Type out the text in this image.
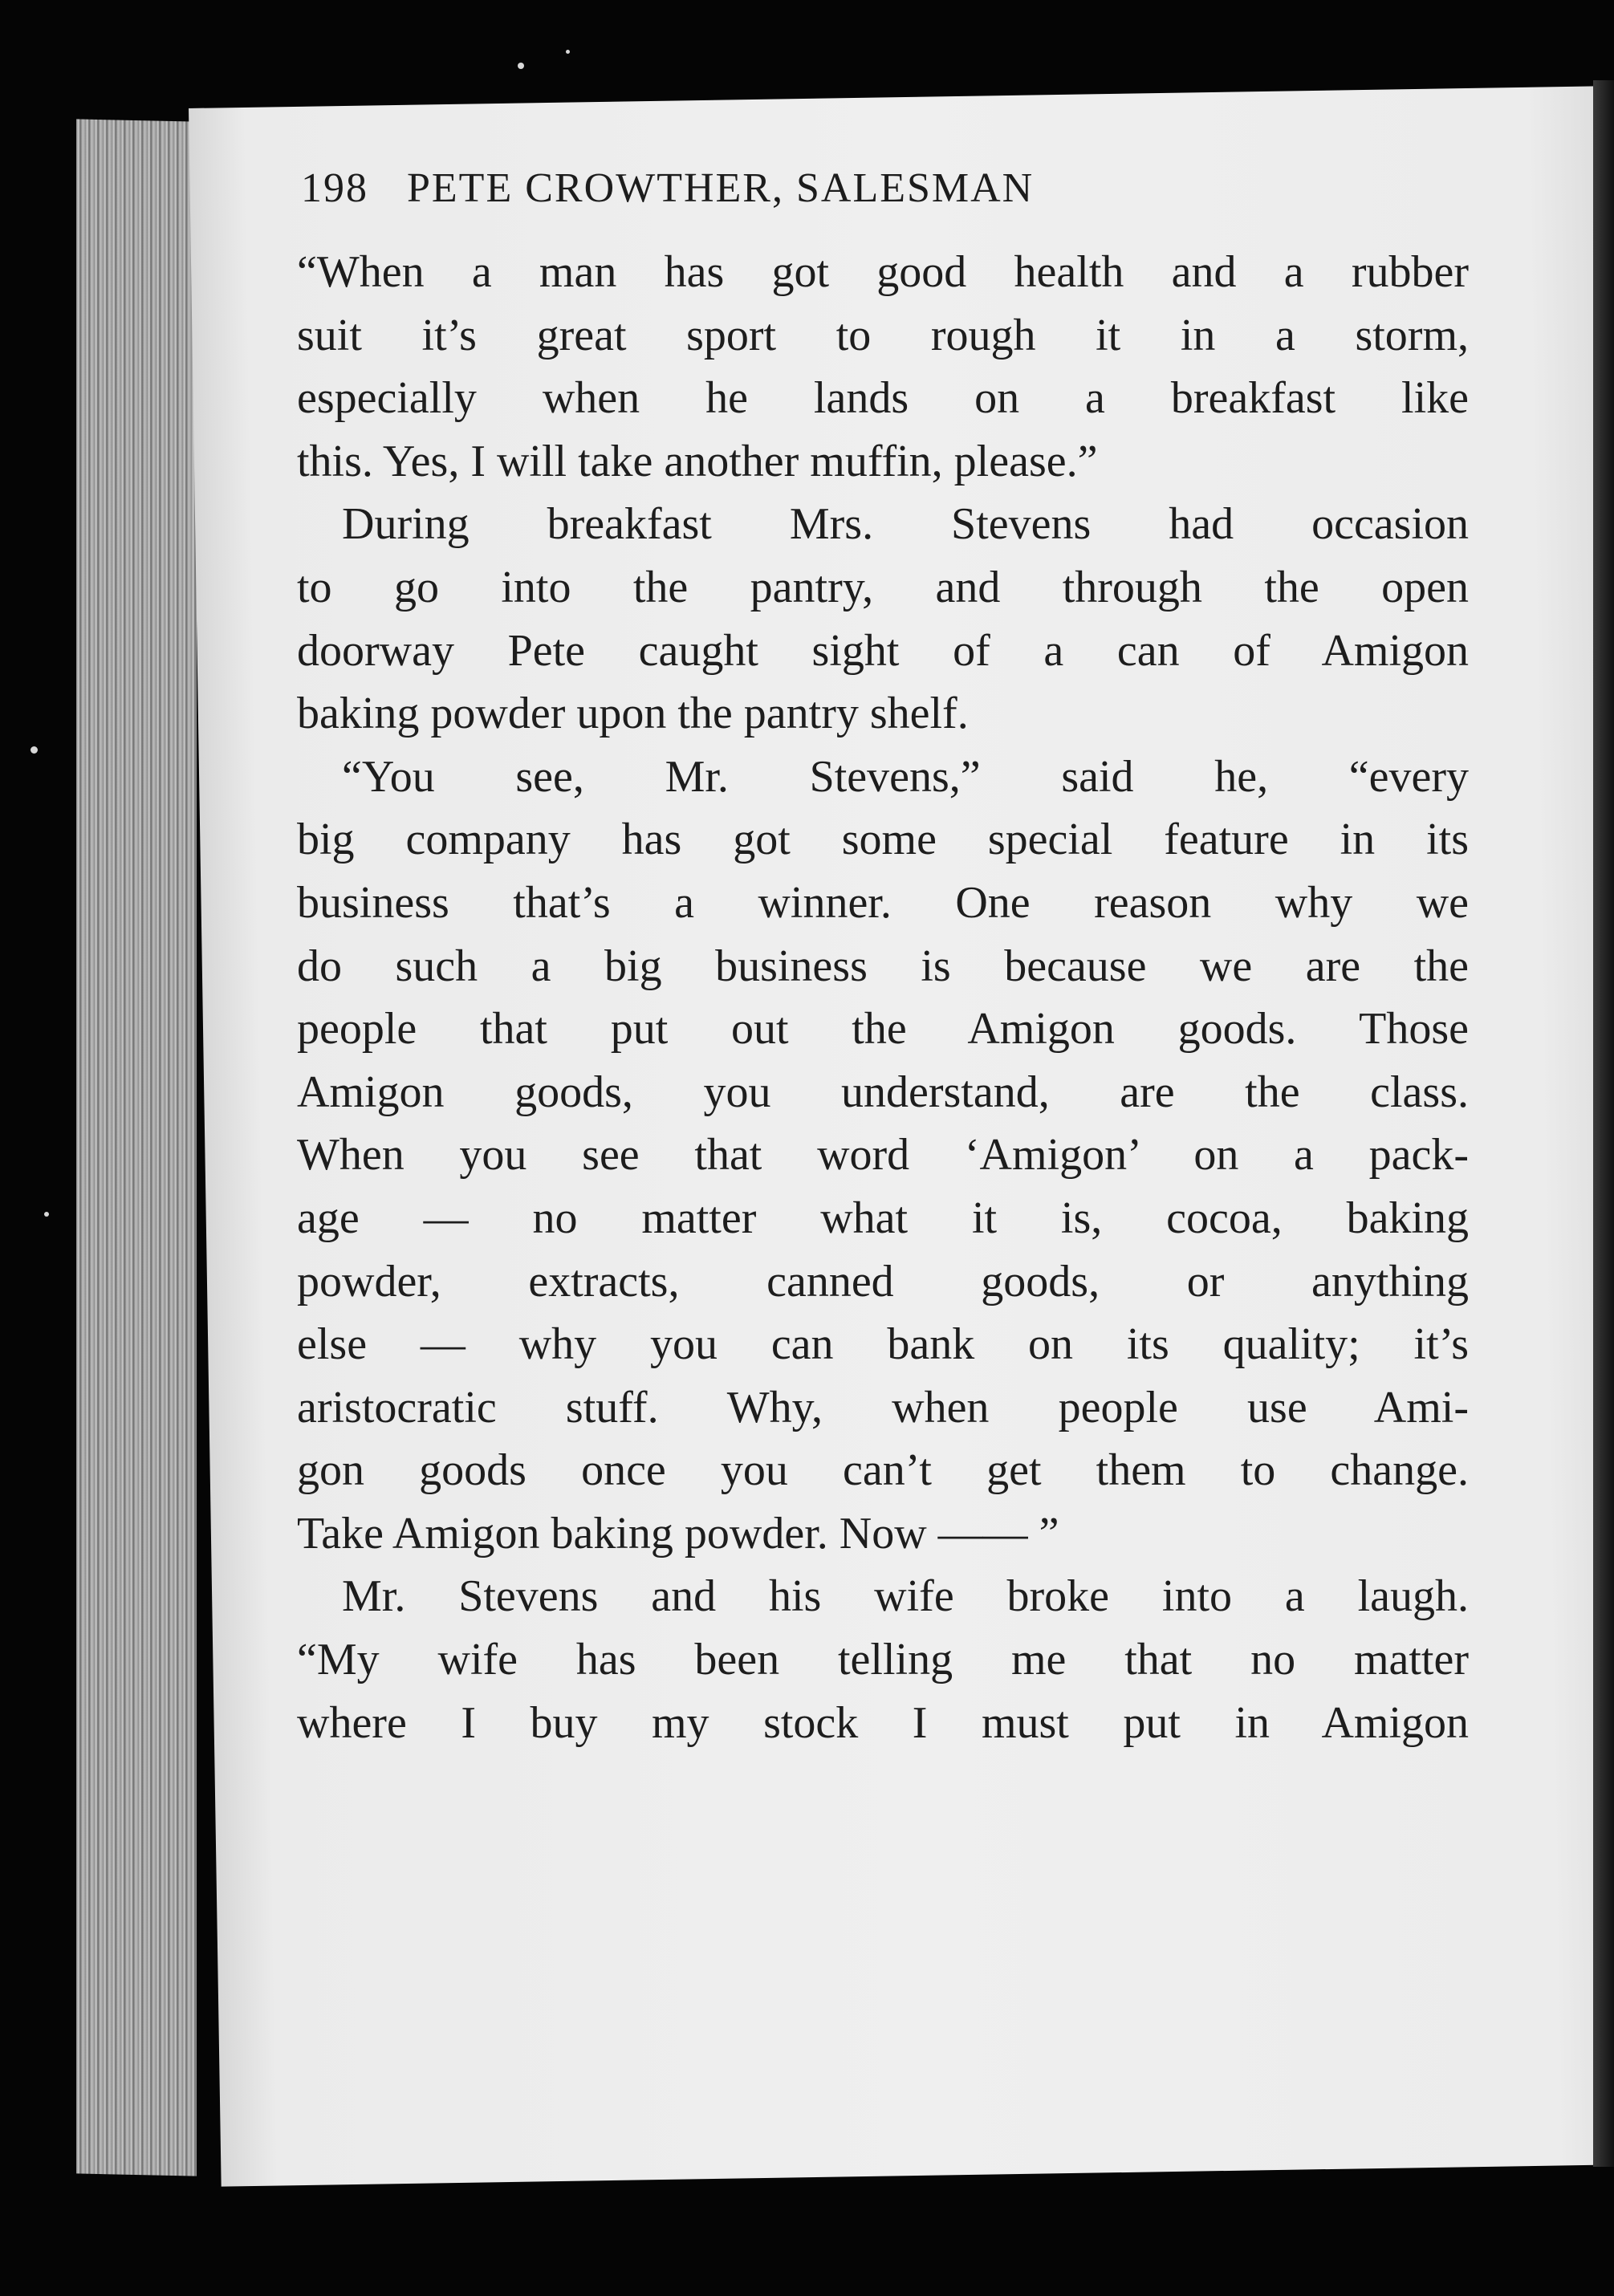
198 PETE CROWTHER, SALESMAN
“When a man has got good health and a rubber
suit it’s great sport to rough it in a storm,
especially when he lands on a breakfast like
this. Yes, I will take another muffin, please.”
During breakfast Mrs. Stevens had occasion
to go into the pantry, and through the open
doorway Pete caught sight of a can of Amigon
baking powder upon the pantry shelf.
“You see, Mr. Stevens,” said he, “every
big company has got some special feature in its
business that’s a winner. One reason why we
do such a big business is because we are the
people that put out the Amigon goods. Those
Amigon goods, you understand, are the class.
When you see that word ‘Amigon’ on a pack-
age — no matter what it is, cocoa, baking
powder, extracts, canned goods, or anything
else — why you can bank on its quality; it’s
aristocratic stuff. Why, when people use Ami-
gon goods once you can’t get them to change.
Take Amigon baking powder. Now —— ”
Mr. Stevens and his wife broke into a laugh.
“My wife has been telling me that no matter
where I buy my stock I must put in Amigon
